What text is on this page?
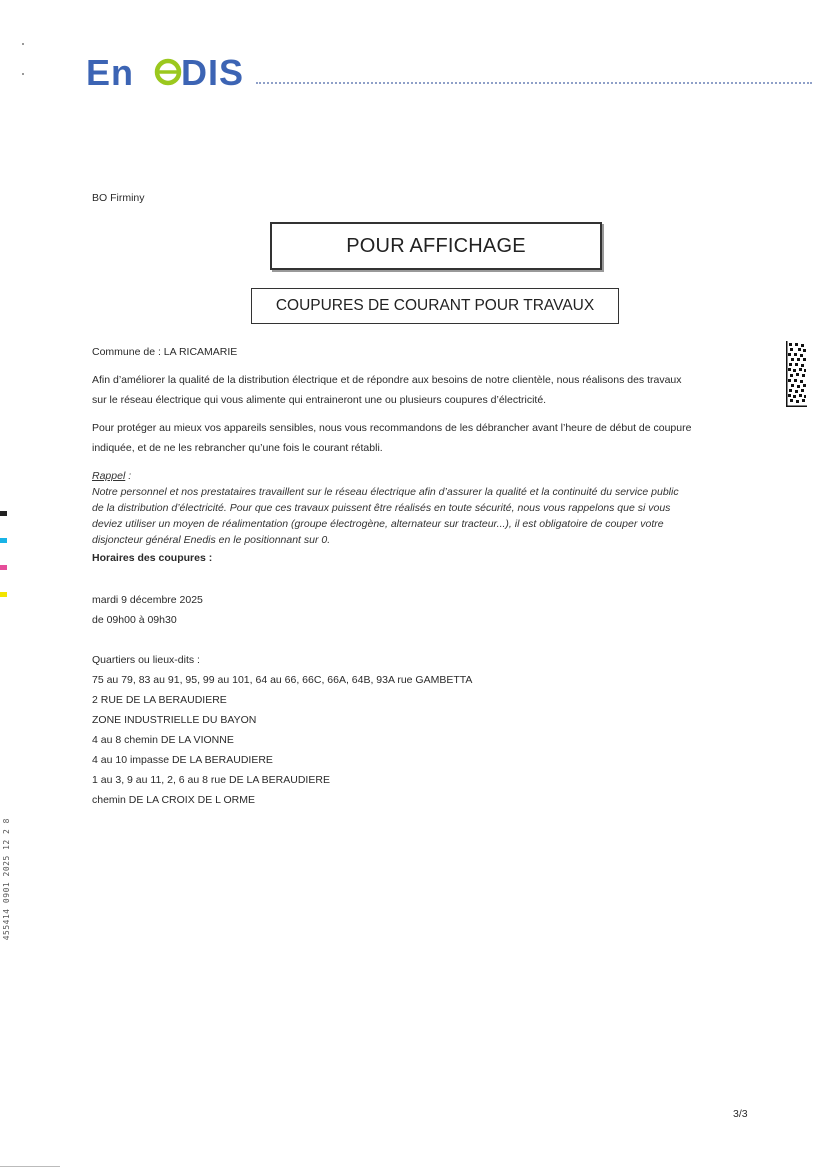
En DIS
BO Firminy
POUR AFFICHAGE
COUPURES DE COURANT POUR TRAVAUX
Commune de : LA RICAMARIE
Afin d’améliorer la qualité de la distribution électrique et de répondre aux besoins de notre clientèle, nous réalisons des travaux
sur le réseau électrique qui vous alimente qui entraineront une ou plusieurs coupures d’électricité.
Pour protéger au mieux vos appareils sensibles, nous vous recommandons de les débrancher avant l’heure de début de coupure
indiquée, et de ne les rebrancher qu’une fois le courant rétabli.
Rappel :
Notre personnel et nos prestataires travaillent sur le réseau électrique afin d’assurer la qualité et la continuité du service public
de la distribution d’électricité. Pour que ces travaux puissent être réalisés en toute sécurité, nous vous rappelons que si vous
deviez utiliser un moyen de réalimentation (groupe électrogène, alternateur sur tracteur...), il est obligatoire de couper votre
disjoncteur général Enedis en le positionnant sur 0.
Horaires des coupures :
mardi 9 décembre 2025
de 09h00 à 09h30
Quartiers ou lieux-dits :
75 au 79, 83 au 91, 95, 99 au 101, 64 au 66, 66C, 66A, 64B, 93A rue GAMBETTA
2 RUE DE LA BERAUDIERE
ZONE INDUSTRIELLE DU BAYON
4 au 8 chemin DE LA VIONNE
4 au 10 impasse DE LA BERAUDIERE
1 au 3, 9 au 11, 2, 6 au 8 rue DE LA BERAUDIERE
chemin DE LA CROIX DE L ORME
455414 0901 2025 12 2 8
3/3
